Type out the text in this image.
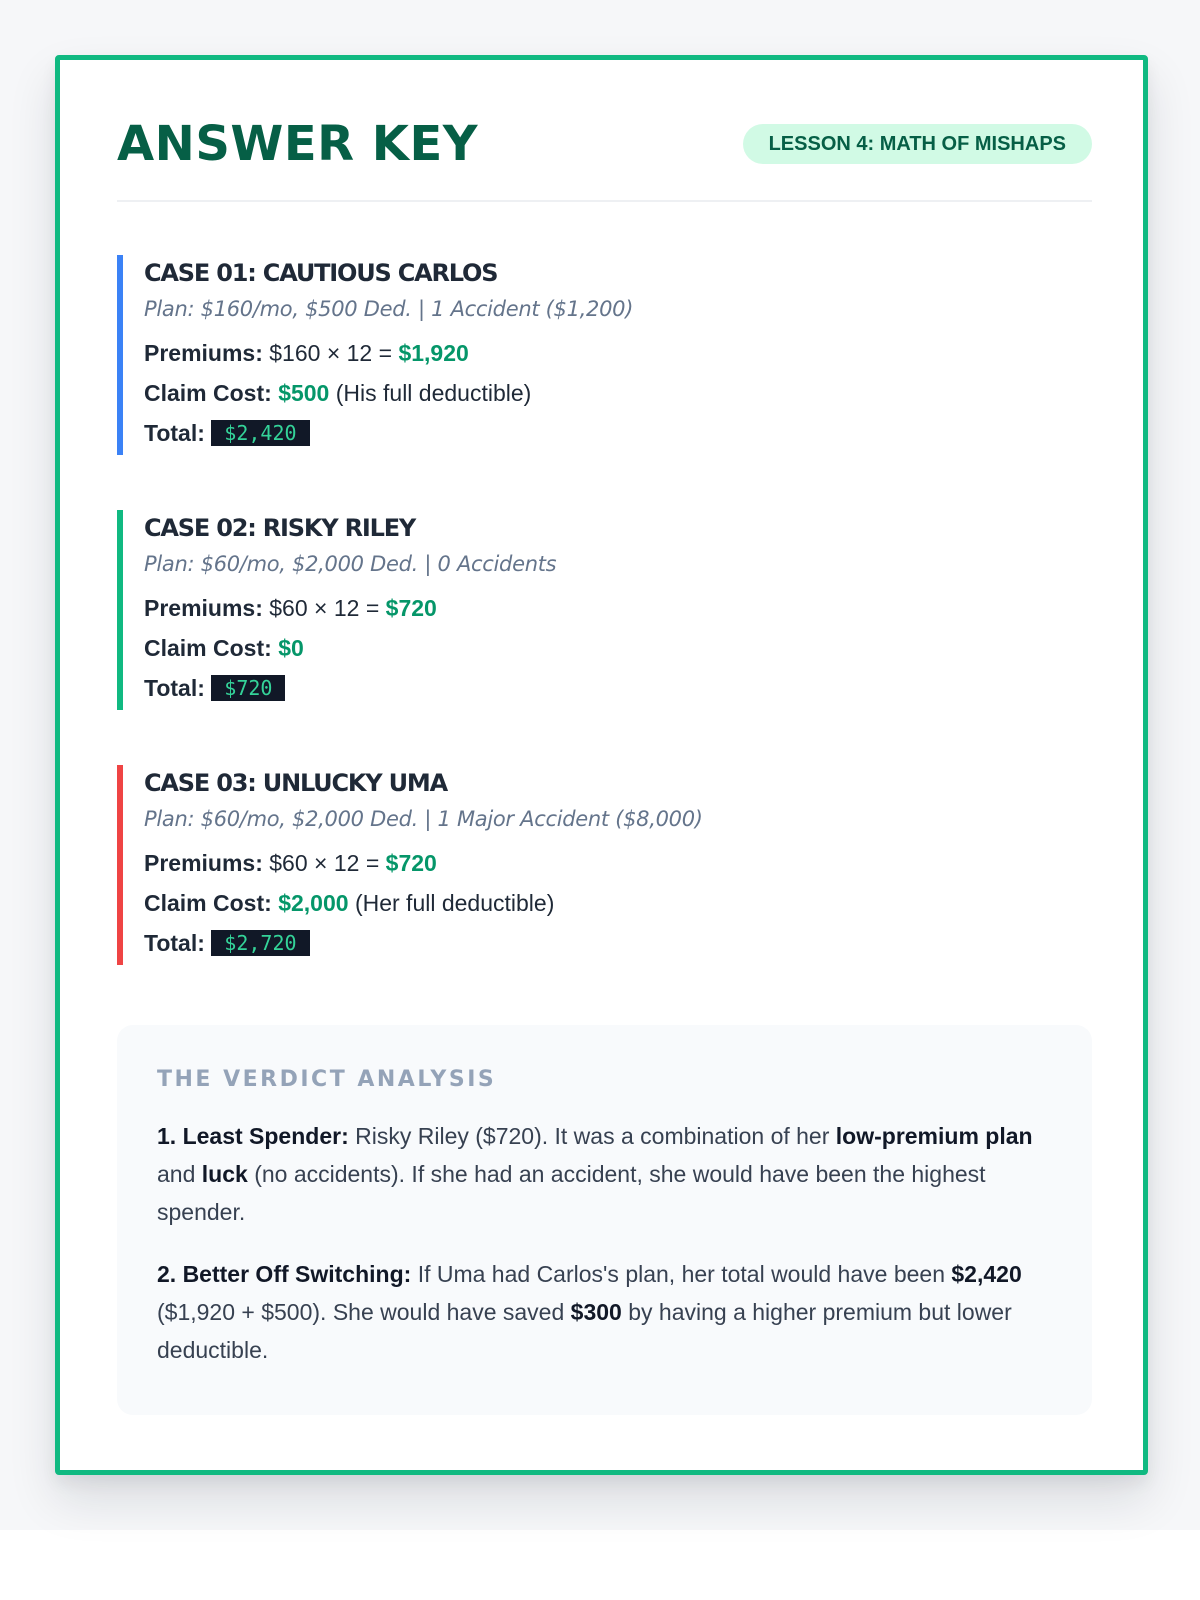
ANSWER KEY	LESSON 4: MATH OF MISHAPS
CASE 01: CAUTIOUS CARLOS
Plan: $160/mo, $500 Ded. | 1 Accident ($1,200)
Premiums: $160 × 12 = $1,920
Claim Cost: $500 (His full deductible)
Total: $2,420
CASE 02: RISKY RILEY
Plan: $60/mo, $2,000 Ded. | 0 Accidents
Premiums: $60 × 12 = $720
Claim Cost: $0
Total: $720
CASE 03: UNLUCKY UMA
Plan: $60/mo, $2,000 Ded. | 1 Major Accident ($8,000)
Premiums: $60 × 12 = $720
Claim Cost: $2,000 (Her full deductible)
Total: $2,720
THE VERDICT ANALYSIS

1. Least Spender: Risky Riley ($720). It was a combination of her low-premium plan and luck (no accidents). If she had an accident, she would have been the highest spender.

2. Better Off Switching: If Uma had Carlos's plan, her total would have been $2,420 ($1,920 + $500). She would have saved $300 by having a higher premium but lower deductible.
